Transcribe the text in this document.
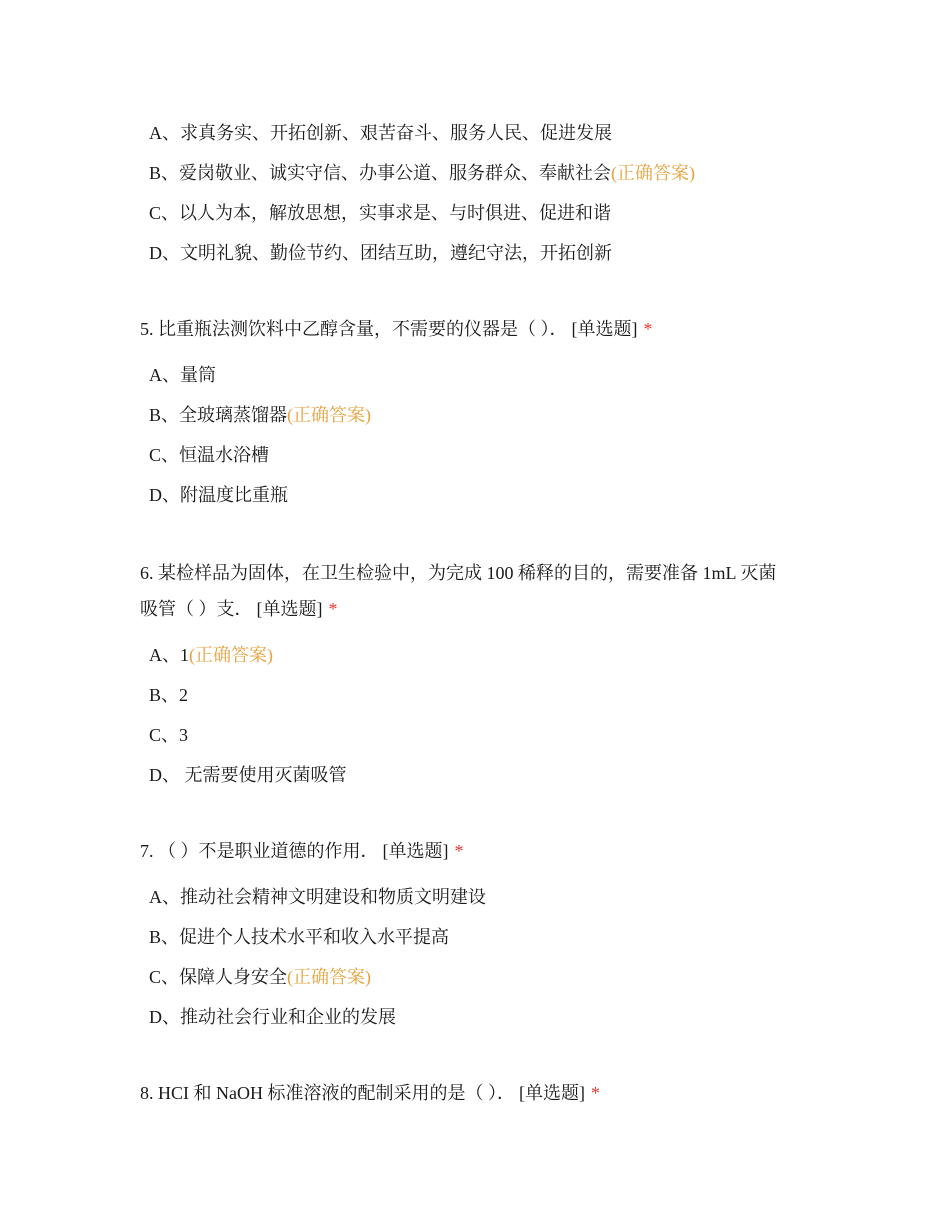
A、求真务实、开拓创新、艰苦奋斗、服务人民、促进发展
B、爱岗敬业、诚实守信、办事公道、服务群众、奉献社会(正确答案)
C、以人为本，解放思想，实事求是、与时俱进、促进和谐
D、文明礼貌、勤俭节约、团结互助，遵纪守法，开拓创新
5. 比重瓶法测饮料中乙醇含量，不需要的仪器是（ ）． [单选题] *
A、量筒
B、全玻璃蒸馏器(正确答案)
C、恒温水浴槽
D、附温度比重瓶
6. 某检样品为固体，在卫生检验中，为完成 100 稀释的目的，需要准备 1mL 灭菌
吸管（ ）支． [单选题] *
A、1(正确答案)
B、2
C、3
D、 无需要使用灭菌吸管
7. （ ）不是职业道德的作用． [单选题] *
A、推动社会精神文明建设和物质文明建设
B、促进个人技术水平和收入水平提高
C、保障人身安全(正确答案)
D、推动社会行业和企业的发展
8. HCI 和 NaOH 标准溶液的配制采用的是（ ）． [单选题] *
